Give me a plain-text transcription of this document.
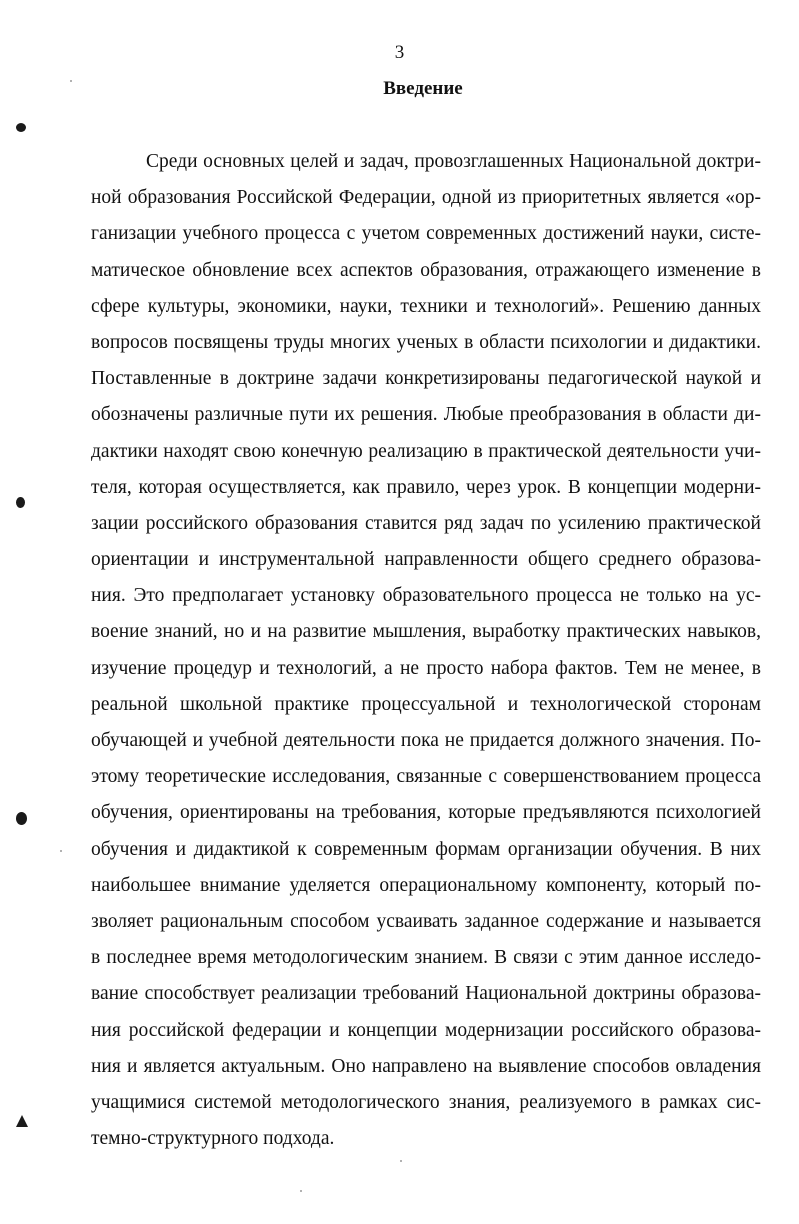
3
Введение
Среди основных целей и задач, провозглашенных Национальной доктри-
ной образования Российской Федерации, одной из приоритетных является «ор-
ганизации учебного процесса с учетом современных достижений науки, систе-
матическое обновление всех аспектов образования, отражающего изменение в
сфере культуры, экономики, науки, техники и технологий». Решению данных
вопросов посвящены труды многих ученых в области психологии и дидактики.
Поставленные в доктрине задачи конкретизированы педагогической наукой и
обозначены различные пути их решения. Любые преобразования в области ди-
дактики находят свою конечную реализацию в практической деятельности учи-
теля, которая осуществляется, как правило, через урок. В концепции модерни-
зации российского образования ставится ряд задач по усилению практической
ориентации и инструментальной направленности общего среднего образова-
ния. Это предполагает установку образовательного процесса не только на ус-
воение знаний, но и на развитие мышления, выработку практических навыков,
изучение процедур и технологий, а не просто набора фактов. Тем не менее, в
реальной школьной практике процессуальной и технологической сторонам
обучающей и учебной деятельности пока не придается должного значения. По-
этому теоретические исследования, связанные с совершенствованием процесса
обучения, ориентированы на требования, которые предъявляются психологией
обучения и дидактикой к современным формам организации обучения. В них
наибольшее внимание уделяется операциональному компоненту, который по-
зволяет рациональным способом усваивать заданное содержание и называется
в последнее время методологическим знанием. В связи с этим данное исследо-
вание способствует реализации требований Национальной доктрины образова-
ния российской федерации и концепции модернизации российского образова-
ния и является актуальным. Оно направлено на выявление способов овладения
учащимися системой методологического знания, реализуемого в рамках сис-
темно-структурного подхода.
